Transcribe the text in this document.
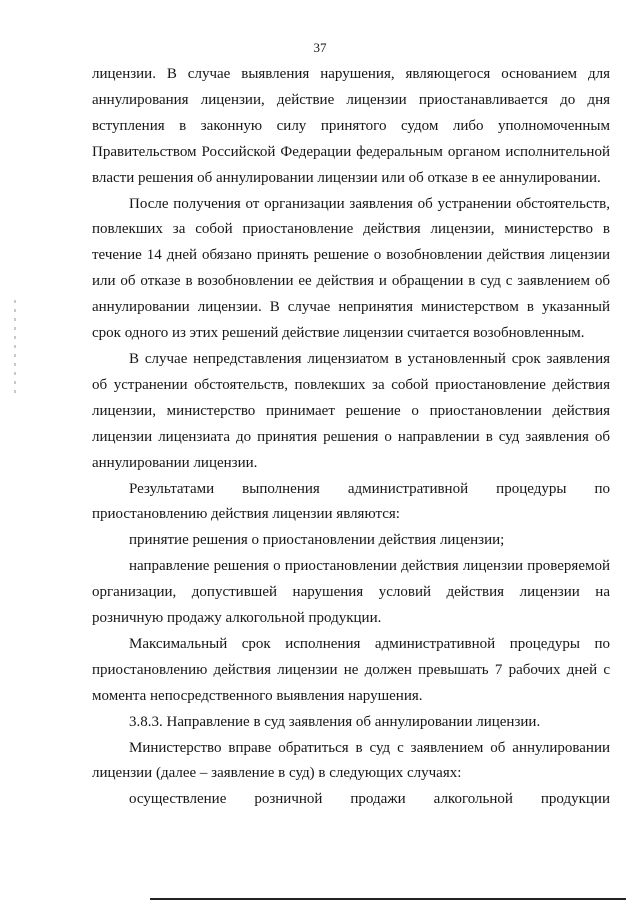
37

лицензии. В случае выявления нарушения, являющегося основанием для аннулирования лицензии, действие лицензии приостанавливается до дня вступления в законную силу принятого судом либо уполномоченным Правительством Российской Федерации федеральным органом исполнительной власти решения об аннулировании лицензии или об отказе в ее аннулировании.

После получения от организации заявления об устранении обстоятельств, повлекших за собой приостановление действия лицензии, министерство в течение 14 дней обязано принять решение о возобновлении действия лицензии или об отказе в возобновлении ее действия и обращении в суд с заявлением об аннулировании лицензии. В случае непринятия министерством в указанный срок одного из этих решений действие лицензии считается возобновленным.

В случае непредставления лицензиатом в установленный срок заявления об устранении обстоятельств, повлекших за собой приостановление действия лицензии, министерство принимает решение о приостановлении действия лицензии лицензиата до принятия решения о направлении в суд заявления об аннулировании лицензии.

Результатами выполнения административной процедуры по приостановлению действия лицензии являются:

принятие решения о приостановлении действия лицензии;

направление решения о приостановлении действия лицензии проверяемой организации, допустившей нарушения условий действия лицензии на розничную продажу алкогольной продукции.

Максимальный срок исполнения административной процедуры по приостановлению действия лицензии не должен превышать 7 рабочих дней с момента непосредственного выявления нарушения.

3.8.3. Направление в суд заявления об аннулировании лицензии.

Министерство вправе обратиться в суд с заявлением об аннулировании лицензии (далее – заявление в суд) в следующих случаях:

осуществление розничной продажи алкогольной продукции
